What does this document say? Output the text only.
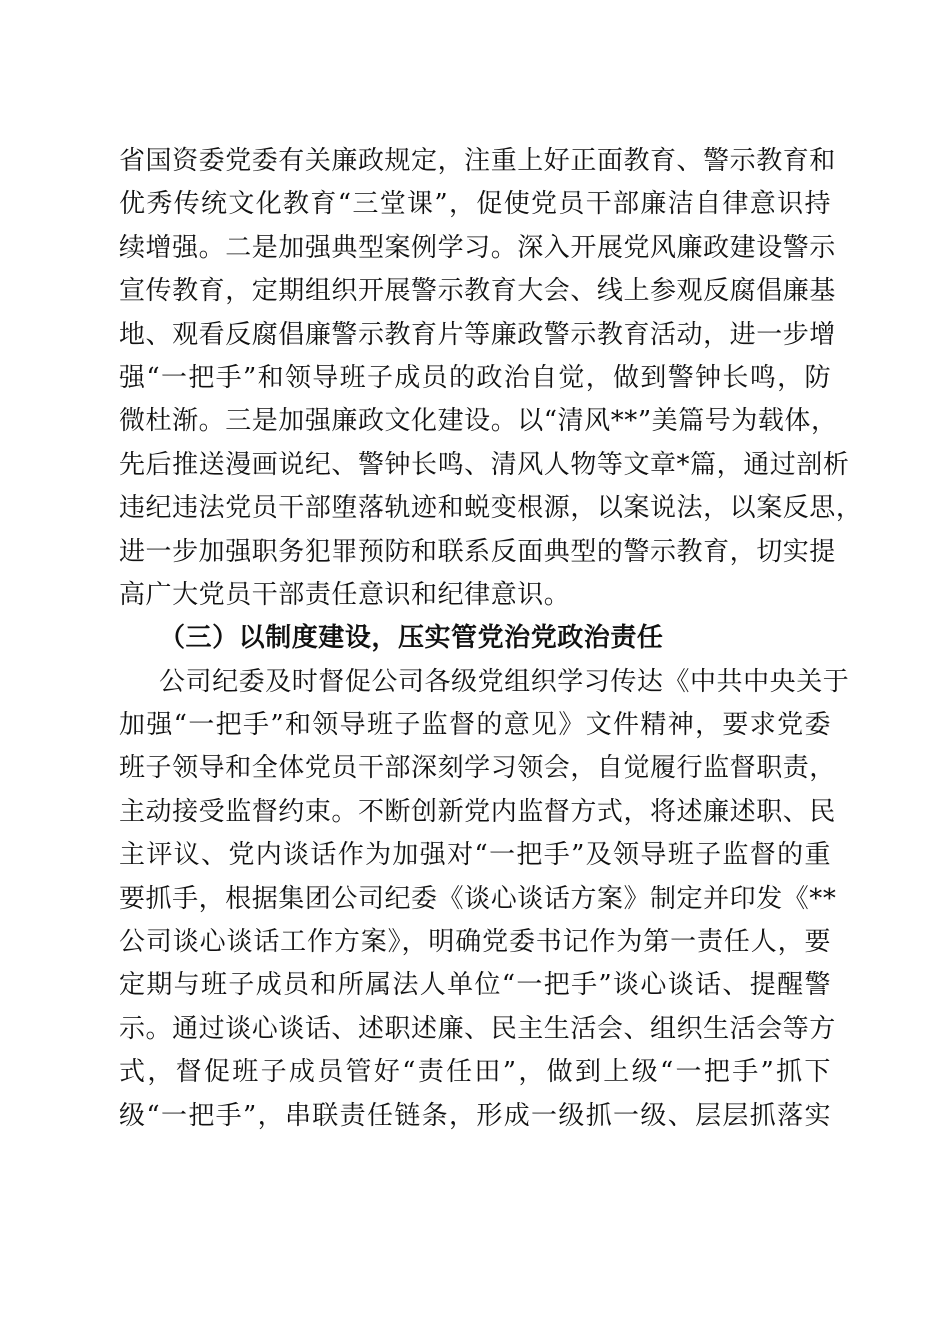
省国资委党委有关廉政规定，注重上好正面教育、警示教育和
优秀传统文化教育“三堂课”，促使党员干部廉洁自律意识持
续增强。二是加强典型案例学习。深入开展党风廉政建设警示
宣传教育，定期组织开展警示教育大会、线上参观反腐倡廉基
地、观看反腐倡廉警示教育片等廉政警示教育活动，进一步增
强“一把手”和领导班子成员的政治自觉，做到警钟长鸣，防
微杜渐。三是加强廉政文化建设。以“清风**”美篇号为载体，
先后推送漫画说纪、警钟长鸣、清风人物等文章*篇，通过剖析
违纪违法党员干部堕落轨迹和蜕变根源，以案说法，以案反思，
进一步加强职务犯罪预防和联系反面典型的警示教育，切实提
高广大党员干部责任意识和纪律意识。
（三）以制度建设，压实管党治党政治责任
公司纪委及时督促公司各级党组织学习传达《中共中央关于
加强“一把手”和领导班子监督的意见》文件精神，要求党委
班子领导和全体党员干部深刻学习领会，自觉履行监督职责，
主动接受监督约束。不断创新党内监督方式，将述廉述职、民
主评议、党内谈话作为加强对“一把手”及领导班子监督的重
要抓手，根据集团公司纪委《谈心谈话方案》制定并印发《**
公司谈心谈话工作方案》，明确党委书记作为第一责任人，要
定期与班子成员和所属法人单位“一把手”谈心谈话、提醒警
示。通过谈心谈话、述职述廉、民主生活会、组织生活会等方
式，督促班子成员管好“责任田”，做到上级“一把手”抓下
级“一把手”，串联责任链条，形成一级抓一级、层层抓落实
